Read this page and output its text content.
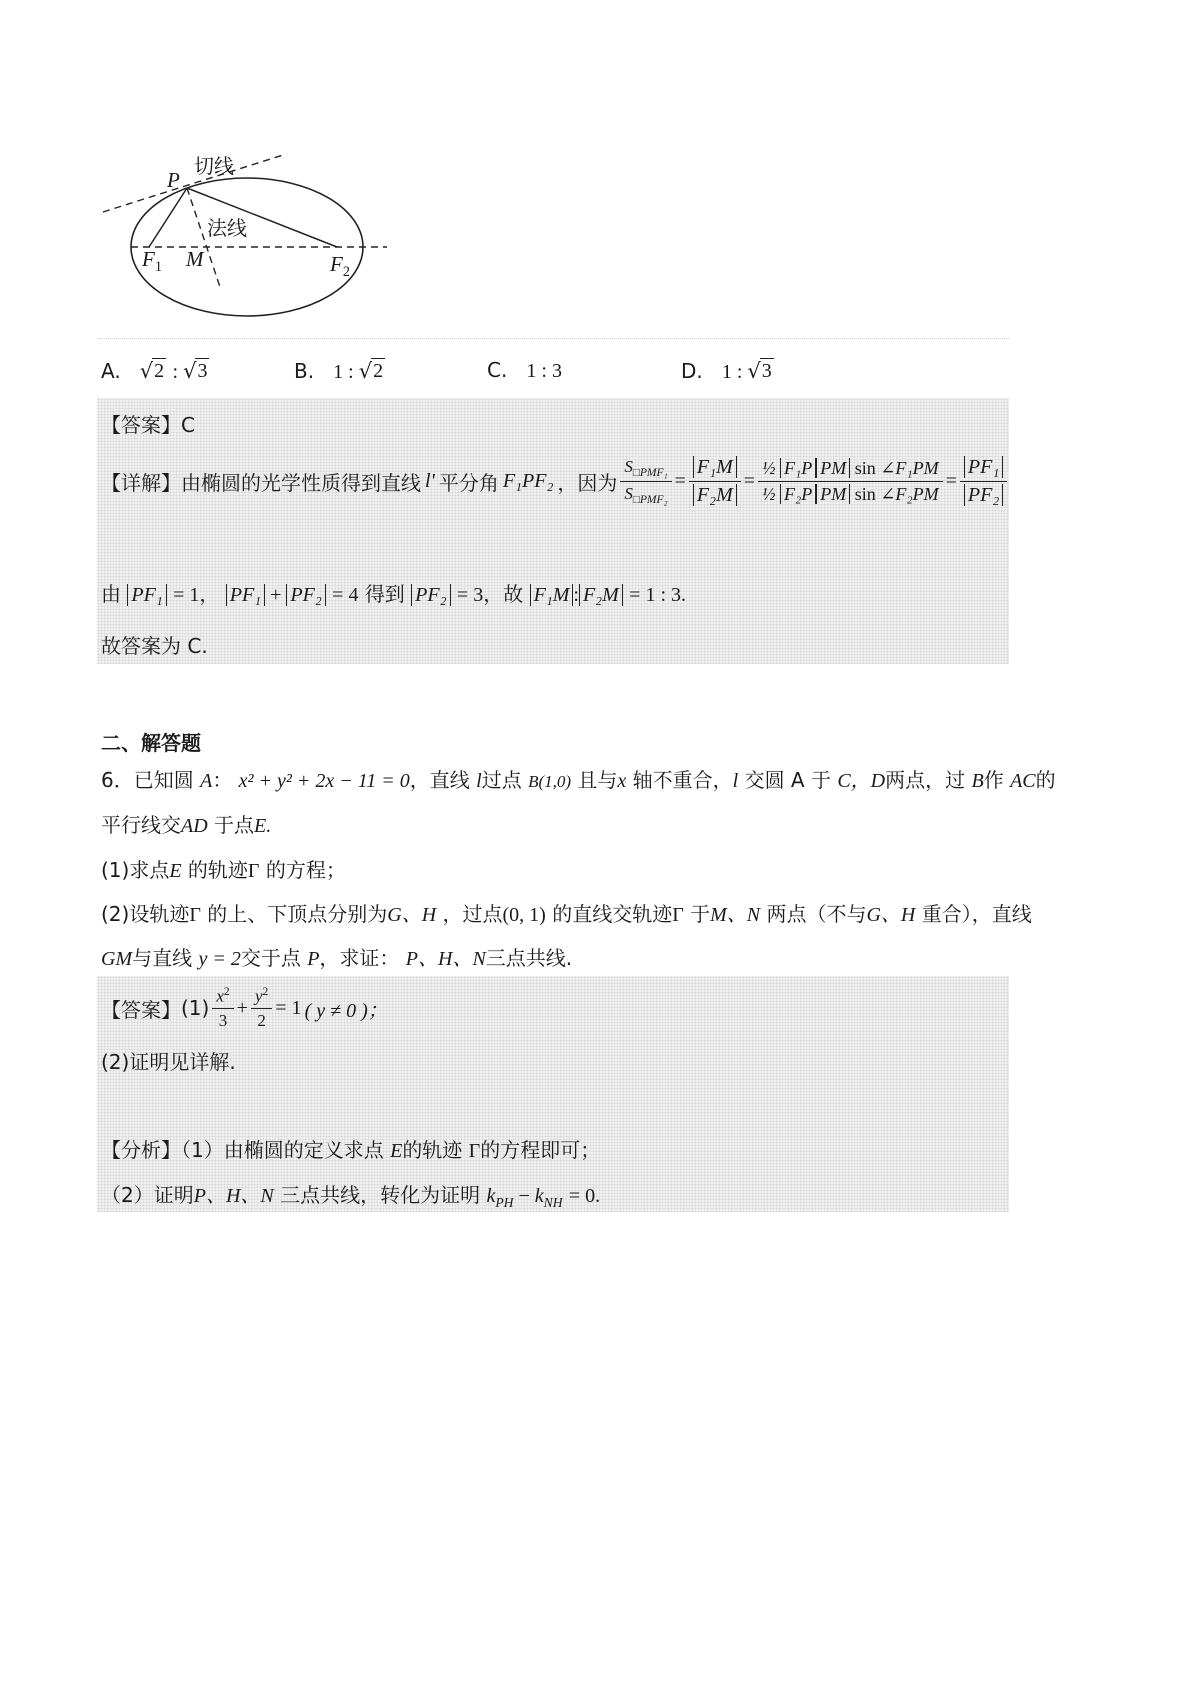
P
切线
法线
$F_1$ M	$F_2$
A. √ 2 : √ 3	B. 1 : √ 2	C. 1 : 3	D. 1 : √ 3
【答案】C
【详解】 由椭圆的光学性质得到直线 l' 平分角 F₁PF₂ ，因为 $\frac{S_{□PMF_1}}{S_{□PMF_2}} = \frac{\text{F₁M}}{\text{F₂M}} = \frac{\text{½ F₁P PM sin ∠F₁PM}}{\text{½ F₂P PM sin ∠F₂PM}} = \frac{\text{PF₁}}{\text{PF₂}}$
由 PF₁ = 1， PF₁ + PF₂ = 4 得到 PF₂ = 3，故 F₁M : F₂M = 1 : 3.
故答案为 C.
二、解答题
6．已知圆 A： x² + y² + 2x − 11 = 0，直线 l过点 B(1,0) 且与x 轴不重合，l 交圆 A 于 C，D两点，过 B作 AC的
平行线交AD 于点E.
(1)求点E 的轨迹Γ 的方程；
(2)设轨迹Γ 的上、下顶点分别为G、H ，过点(0, 1) 的直线交轨迹Γ 于M、N 两点（不与G、H 重合），直线
GM与直线 y = 2交于点 P，求证： P、H、N三点共线.
【答案】 $(1) \frac{x^2}{3} + \frac{y^2}{2} = 1$ ( y ≠ 0 )；
(2)证明见详解.
【分析】（1）由椭圆的定义求点 E的轨迹 Γ的方程即可；
（2）证明P、H、N 三点共线，转化为证明 $k_{PH} - k_{NH} = 0$.
